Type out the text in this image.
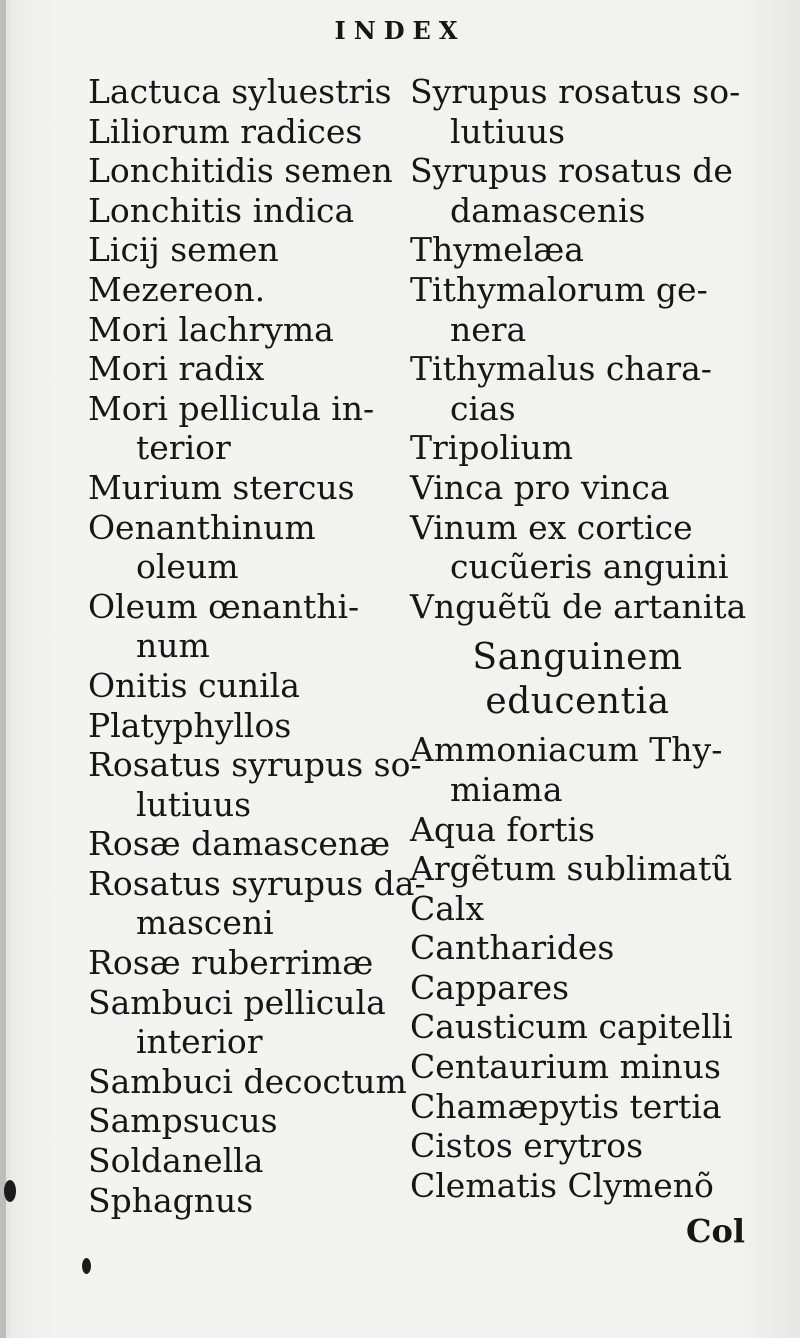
INDEX
Lactuca syluestris
Liliorum radices
Lonchitidis semen
Lonchitis indica
Licij semen
Mezereon.
Mori lachryma
Mori radix
Mori pellicula in-
terior
Murium stercus
Oenanthinum
oleum
Oleum œnanthi-
num
Onitis cunila
Platyphyllos
Rosatus syrupus so-
lutiuus
Rosæ damascenæ
Rosatus syrupus da-
masceni
Rosæ ruberrimæ
Sambuci pellicula
interior
Sambuci decoctum
Sampsucus
Soldanella
Sphagnus
Syrupus rosatus so-
lutiuus
Syrupus rosatus de
damascenis
Thymelæa
Tithymalorum ge-
nera
Tithymalus chara-
cias
Tripolium
Vinca pro vinca
Vinum ex cortice
cucũeris anguini
Vnguẽtũ de artanita
Sanguinem
educentia
Ammoniacum Thy-
miama
Aqua fortis
Argẽtum sublimatũ
Calx
Cantharides
Cappares
Causticum capitelli
Centaurium minus
Chamæpytis tertia
Cistos erytros
Clematis Clymenõ
Col
